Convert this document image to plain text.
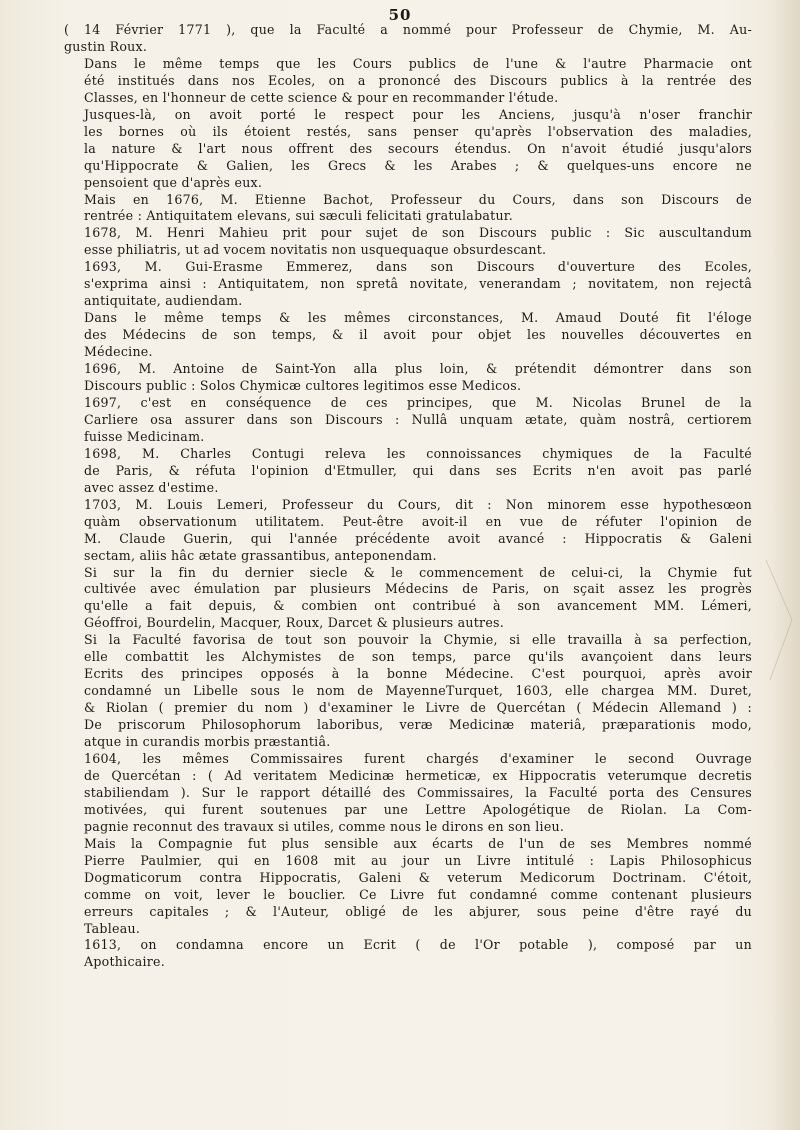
50

( 14 Février 1771 ), que la Faculté a nommé pour Professeur de Chymie, M. Au-
gustin Roux.

Dans le même temps que les Cours publics de l'une & l'autre Pharmacie ont
été institués dans nos Ecoles, on a prononcé des Discours publics à la rentrée des
Classes, en l'honneur de cette science & pour en recommander l'étude.

Jusques-là, on avoit porté le respect pour les Anciens, jusqu'à n'oser franchir
les bornes où ils étoient restés, sans penser qu'après l'observation des maladies,
la nature & l'art nous offrent des secours étendus. On n'avoit étudié jusqu'alors
qu'Hippocrate & Galien, les Grecs & les Arabes ; & quelques-uns encore ne
pensoient que d'après eux.

Mais en 1676, M. Etienne Bachot, Professeur du Cours, dans son Discours de
rentrée : Antiquitatem elevans, sui sæculi felicitati gratulabatur.

1678, M. Henri Mahieu prit pour sujet de son Discours public : Sic auscultandum
esse philiatris, ut ad vocem novitatis non usquequaque obsurdescant.

1693, M. Gui-Erasme Emmerez, dans son Discours d'ouverture des Ecoles,
s'exprima ainsi : Antiquitatem, non spretâ novitate, venerandam ; novitatem, non rejectâ
antiquitate, audiendam.

Dans le même temps & les mêmes circonstances, M. Amaud Douté fit l'éloge
des Médecins de son temps, & il avoit pour objet les nouvelles découvertes en
Médecine.

1696, M. Antoine de Saint-Yon alla plus loin, & prétendit démontrer dans son
Discours public : Solos Chymicæ cultores legitimos esse Medicos.

1697, c'est en conséquence de ces principes, que M. Nicolas Brunel de la
Carliere osa assurer dans son Discours : Nullâ unquam ætate, quàm nostrâ, certiorem
fuisse Medicinam.

1698, M. Charles Contugi releva les connoissances chymiques de la Faculté
de Paris, & réfuta l'opinion d'Etmuller, qui dans ses Ecrits n'en avoit pas parlé
avec assez d'estime.

1703, M. Louis Lemeri, Professeur du Cours, dit : Non minorem esse hypothesœon
quàm observationum utilitatem. Peut-être avoit-il en vue de réfuter l'opinion de
M. Claude Guerin, qui l'année précédente avoit avancé : Hippocratis & Galeni
sectam, aliis hâc ætate grassantibus, anteponendam.

Si sur la fin du dernier siecle & le commencement de celui-ci, la Chymie fut
cultivée avec émulation par plusieurs Médecins de Paris, on sçait assez les progrès
qu'elle a fait depuis, & combien ont contribué à son avancement MM. Lémeri,
Géoffroi, Bourdelin, Macquer, Roux, Darcet & plusieurs autres.

Si la Faculté favorisa de tout son pouvoir la Chymie, si elle travailla à sa perfection,
elle combattit les Alchymistes de son temps, parce qu'ils avançoient dans leurs
Ecrits des principes opposés à la bonne Médecine. C'est pourquoi, après avoir
condamné un Libelle sous le nom de MayenneTurquet, 1603, elle chargea MM. Duret,
& Riolan ( premier du nom ) d'examiner le Livre de Quercétan ( Médecin Allemand ) :
De priscorum Philosophorum laboribus, veræ Medicinæ materiâ, præparationis modo,
atque in curandis morbis præstantiâ.

1604, les mêmes Commissaires furent chargés d'examiner le second Ouvrage
de Quercétan : ( Ad veritatem Medicinæ hermeticæ, ex Hippocratis veterumque decretis
stabiliendam ). Sur le rapport détaillé des Commissaires, la Faculté porta des Censures
motivées, qui furent soutenues par une Lettre Apologétique de Riolan. La Com-
pagnie reconnut des travaux si utiles, comme nous le dirons en son lieu.

Mais la Compagnie fut plus sensible aux écarts de l'un de ses Membres nommé
Pierre Paulmier, qui en 1608 mit au jour un Livre intitulé : Lapis Philosophicus
Dogmaticorum contra Hippocratis, Galeni & veterum Medicorum Doctrinam. C'étoit,
comme on voit, lever le bouclier. Ce Livre fut condamné comme contenant plusieurs
erreurs capitales ; & l'Auteur, obligé de les abjurer, sous peine d'être rayé du
Tableau.

1613, on condamna encore un Ecrit ( de l'Or potable ), composé par un
Apothicaire.
